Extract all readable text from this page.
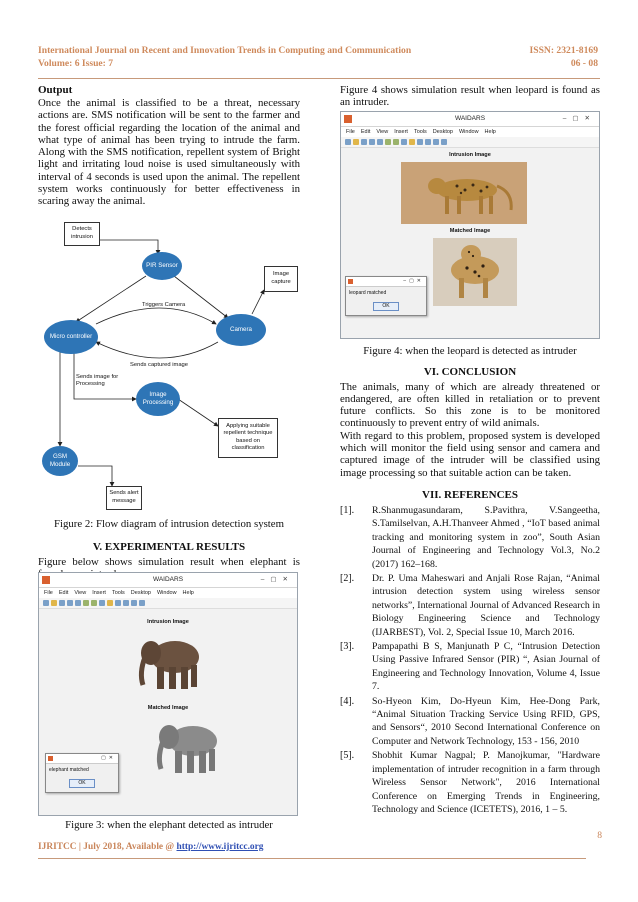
International Journal on Recent and Innovation Trends in Computing and Communication
Volume: 6 Issue: 7
ISSN: 2321-8169
06 - 08

Output

Once the animal is classified to be a threat, necessary actions are. SMS notification will be sent to the farmer and the forest official regarding the location of the animal and what type of animal has been trying to intrude the farm. Along with the SMS notification, repellent system of Bright light and irritating loud noise is used simultaneously with interval of 4 seconds is used upon the animal. The repellent system works continuously for better effectiveness in scaring away the animal.

Detects intrusion
PIR Sensor
Image capture
Triggers Camera
Micro controller
Camera
Sends captured image
Sends image for Processing
Image Processing
Applying suitable repellent technique based on classification
GSM Module
Sends alert message
Figure 2: Flow diagram of intrusion detection system
V. EXPERIMENTAL RESULTS

Figure below shows simulation result when elephant is

WAIDARS	–▢✕
File Edit View Insert Tools Desktop Window Help
Intrusion Image
Matched Image
▢✕
elephant matched
OK
Figure 3: when the elephant detected as intruder

Figure 4 shows simulation result when leopard is found as an intruder.

WAIDARS	–▢✕
File Edit View Insert Tools Desktop Window Help
Intrusion Image
Matched Image
–▢✕
leopard matched
OK
Figure 4: when the leopard is detected as intruder
VI. CONCLUSION

The animals, many of which are already threatened or endangered, are often killed in retaliation or to prevent future conflicts. So this zone is to be monitored continuously to prevent entry of wild animals.

With regard to this problem, proposed system is developed which will monitor the field using sensor and camera and captured image of the intruder will be classified using image processing so that suitable action can be taken.

VII. REFERENCES
[1].	R.Shanmugasundaram, S.Pavithra, V.Sangeetha, S.Tamilselvan, A.H.Thanveer Ahmed , “IoT based animal tracking and monitoring system in zoo”, South Asian Journal of Engineering and Technology Vol.3, No.2 (2017) 162–168.
[2].	Dr. P. Uma Maheswari and Anjali Rose Rajan, “Animal intrusion detection system using wireless sensor networks”, International Journal of Advanced Research in Biology Engineering Science and Technology (IJARBEST), Vol. 2, Special Issue 10, March 2016.
[3].	Pampapathi B S, Manjunath P C, “Intrusion Detection Using Passive Infrared Sensor (PIR) “, Asian Journal of Engineering and Technology Innovation, Volume 4, Issue 7.
[4].	So-Hyeon Kim, Do-Hyeun Kim, Hee-Dong Park, “Animal Situation Tracking Service Using RFID, GPS, and Sensors“, 2010 Second International Conference on Computer and Network Technology, 153 - 156, 2010
[5].	Shobhit Kumar Nagpal; P. Manojkumar, "Hardware implementation of intruder recognition in a farm through Wireless Sensor Network", 2016 International Conference on Emerging Trends in Engineering, Technology and Science (ICETETS), 2016, 1 – 5.
8
IJRITCC | July 2018, Available @ http://www.ijritcc.org
